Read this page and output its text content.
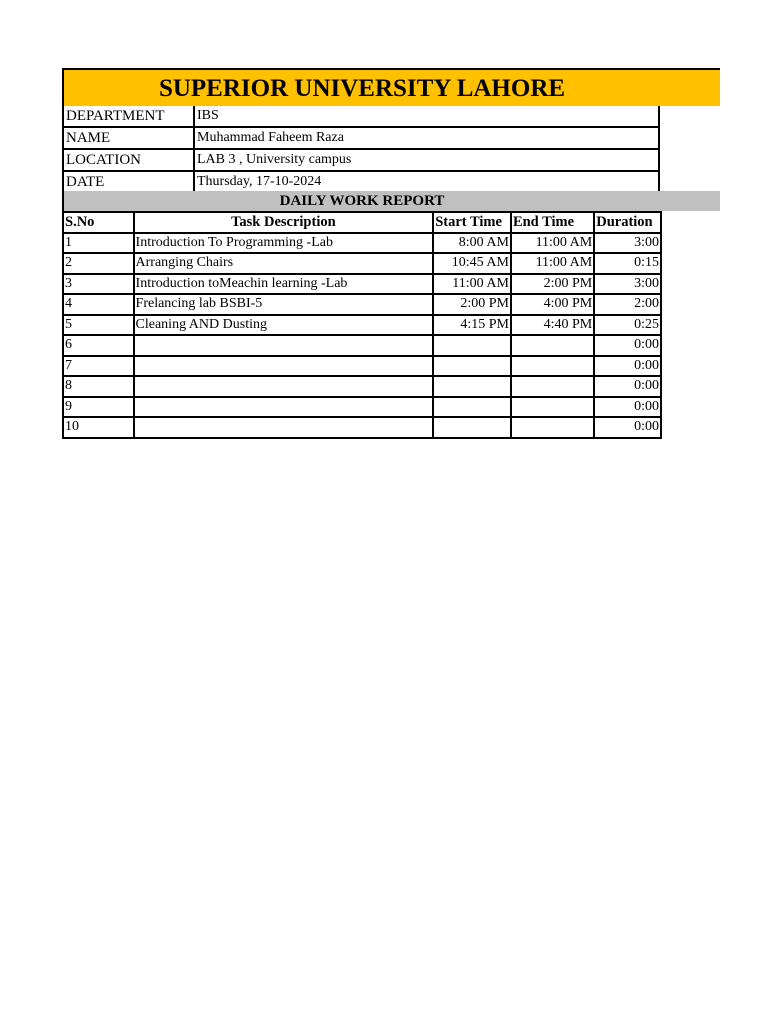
SUPERIOR UNIVERSITY LAHORE
DEPARTMENT	IBS
NAME	Muhammad Faheem Raza
LOCATION	LAB 3 , University campus
DATE	Thursday, 17-10-2024
DAILY WORK REPORT
S.No	Task Description	Start Time	End Time	Duration
1	Introduction To Programming -Lab	8:00 AM	11:00 AM	3:00
2	Arranging Chairs	10:45 AM	11:00 AM	0:15
3	Introduction toMeachin learning -Lab	11:00 AM	2:00 PM	3:00
4	Frelancing lab BSBI-5	2:00 PM	4:00 PM	2:00
5	Cleaning AND Dusting	4:15 PM	4:40 PM	0:25
6				0:00
7				0:00
8				0:00
9				0:00
10				0:00
